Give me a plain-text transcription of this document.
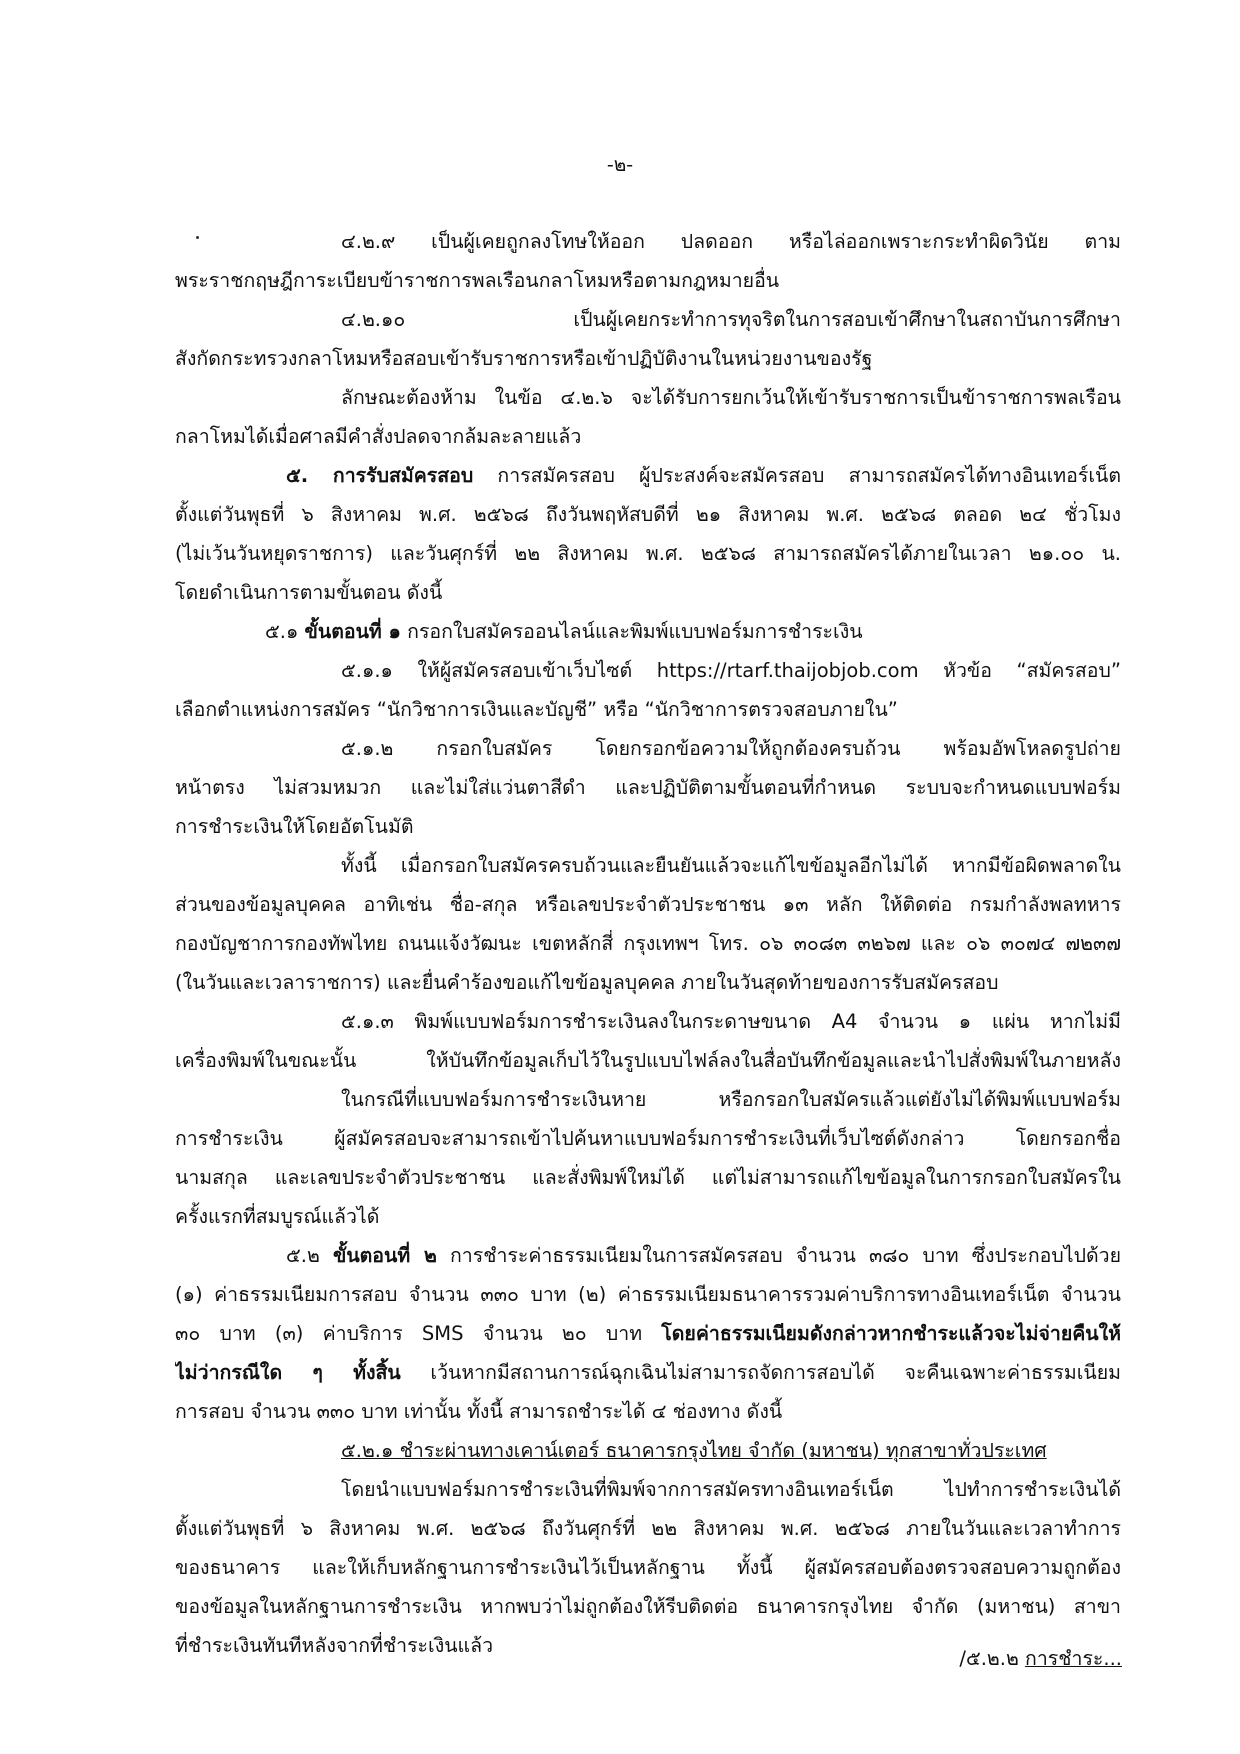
-๒-
๔.๒.๙ เป็นผู้เคยถูกลงโทษให้ออก ปลดออก หรือไล่ออกเพราะกระทำผิดวินัย ตาม
พระราชกฤษฎีการะเบียบข้าราชการพลเรือนกลาโหมหรือตามกฎหมายอื่น
๔.๒.๑๐ เป็นผู้เคยกระทำการทุจริตในการสอบเข้าศึกษาในสถาบันการศึกษา
สังกัดกระทรวงกลาโหมหรือสอบเข้ารับราชการหรือเข้าปฏิบัติงานในหน่วยงานของรัฐ
ลักษณะต้องห้าม ในข้อ ๔.๒.๖ จะได้รับการยกเว้นให้เข้ารับราชการเป็นข้าราชการพลเรือน
กลาโหมได้เมื่อศาลมีคำสั่งปลดจากล้มละลายแล้ว
๕. การรับสมัครสอบ การสมัครสอบ ผู้ประสงค์จะสมัครสอบ สามารถสมัครได้ทางอินเทอร์เน็ต
ตั้งแต่วันพุธที่ ๖ สิงหาคม พ.ศ. ๒๕๖๘ ถึงวันพฤหัสบดีที่ ๒๑ สิงหาคม พ.ศ. ๒๕๖๘ ตลอด ๒๔ ชั่วโมง
(ไม่เว้นวันหยุดราชการ) และวันศุกร์ที่ ๒๒ สิงหาคม พ.ศ. ๒๕๖๘ สามารถสมัครได้ภายในเวลา ๒๑.๐๐ น.
โดยดำเนินการตามขั้นตอน ดังนี้
๕.๑ ขั้นตอนที่ ๑ กรอกใบสมัครออนไลน์และพิมพ์แบบฟอร์มการชำระเงิน
๕.๑.๑ ให้ผู้สมัครสอบเข้าเว็บไซต์ https://rtarf.thaijobjob.com หัวข้อ “สมัครสอบ”
เลือกตำแหน่งการสมัคร “นักวิชาการเงินและบัญชี” หรือ “นักวิชาการตรวจสอบภายใน”
๕.๑.๒ กรอกใบสมัคร โดยกรอกข้อความให้ถูกต้องครบถ้วน พร้อมอัพโหลดรูปถ่าย
หน้าตรง ไม่สวมหมวก และไม่ใส่แว่นตาสีดำ และปฏิบัติตามขั้นตอนที่กำหนด ระบบจะกำหนดแบบฟอร์ม
การชำระเงินให้โดยอัตโนมัติ
ทั้งนี้ เมื่อกรอกใบสมัครครบถ้วนและยืนยันแล้วจะแก้ไขข้อมูลอีกไม่ได้ หากมีข้อผิดพลาดใน
ส่วนของข้อมูลบุคคล อาทิเช่น ชื่อ-สกุล หรือเลขประจำตัวประชาชน ๑๓ หลัก ให้ติดต่อ กรมกำลังพลทหาร
กองบัญชาการกองทัพไทย ถนนแจ้งวัฒนะ เขตหลักสี่ กรุงเทพฯ โทร. ๐๖ ๓๐๘๓ ๓๒๖๗ และ ๐๖ ๓๐๗๔ ๗๒๓๗
(ในวันและเวลาราชการ) และยื่นคำร้องขอแก้ไขข้อมูลบุคคล ภายในวันสุดท้ายของการรับสมัครสอบ
๕.๑.๓ พิมพ์แบบฟอร์มการชำระเงินลงในกระดาษขนาด A4 จำนวน ๑ แผ่น หากไม่มี
เครื่องพิมพ์ในขณะนั้น ให้บันทึกข้อมูลเก็บไว้ในรูปแบบไฟล์ลงในสื่อบันทึกข้อมูลและนำไปสั่งพิมพ์ในภายหลัง
ในกรณีที่แบบฟอร์มการชำระเงินหาย หรือกรอกใบสมัครแล้วแต่ยังไม่ได้พิมพ์แบบฟอร์ม
การชำระเงิน ผู้สมัครสอบจะสามารถเข้าไปค้นหาแบบฟอร์มการชำระเงินที่เว็บไซต์ดังกล่าว โดยกรอกชื่อ
นามสกุล และเลขประจำตัวประชาชน และสั่งพิมพ์ใหม่ได้ แต่ไม่สามารถแก้ไขข้อมูลในการกรอกใบสมัครใน
ครั้งแรกที่สมบูรณ์แล้วได้
๕.๒ ขั้นตอนที่ ๒ การชำระค่าธรรมเนียมในการสมัครสอบ จำนวน ๓๘๐ บาท ซึ่งประกอบไปด้วย
(๑) ค่าธรรมเนียมการสอบ จำนวน ๓๓๐ บาท (๒) ค่าธรรมเนียมธนาคารรวมค่าบริการทางอินเทอร์เน็ต จำนวน
๓๐ บาท (๓) ค่าบริการ SMS จำนวน ๒๐ บาท โดยค่าธรรมเนียมดังกล่าวหากชำระแล้วจะไม่จ่ายคืนให้
ไม่ว่ากรณีใด ๆ ทั้งสิ้น เว้นหากมีสถานการณ์ฉุกเฉินไม่สามารถจัดการสอบได้ จะคืนเฉพาะค่าธรรมเนียม
การสอบ จำนวน ๓๓๐ บาท เท่านั้น ทั้งนี้ สามารถชำระได้ ๔ ช่องทาง ดังนี้
๕.๒.๑ ชำระผ่านทางเคาน์เตอร์ ธนาคารกรุงไทย จำกัด (มหาชน) ทุกสาขาทั่วประเทศ
โดยนำแบบฟอร์มการชำระเงินที่พิมพ์จากการสมัครทางอินเทอร์เน็ต ไปทำการชำระเงินได้
ตั้งแต่วันพุธที่ ๖ สิงหาคม พ.ศ. ๒๕๖๘ ถึงวันศุกร์ที่ ๒๒ สิงหาคม พ.ศ. ๒๕๖๘ ภายในวันและเวลาทำการ
ของธนาคาร และให้เก็บหลักฐานการชำระเงินไว้เป็นหลักฐาน ทั้งนี้ ผู้สมัครสอบต้องตรวจสอบความถูกต้อง
ของข้อมูลในหลักฐานการชำระเงิน หากพบว่าไม่ถูกต้องให้รีบติดต่อ ธนาคารกรุงไทย จำกัด (มหาชน) สาขา
ที่ชำระเงินทันทีหลังจากที่ชำระเงินแล้ว
/๕.๒.๒ การชำระ...
